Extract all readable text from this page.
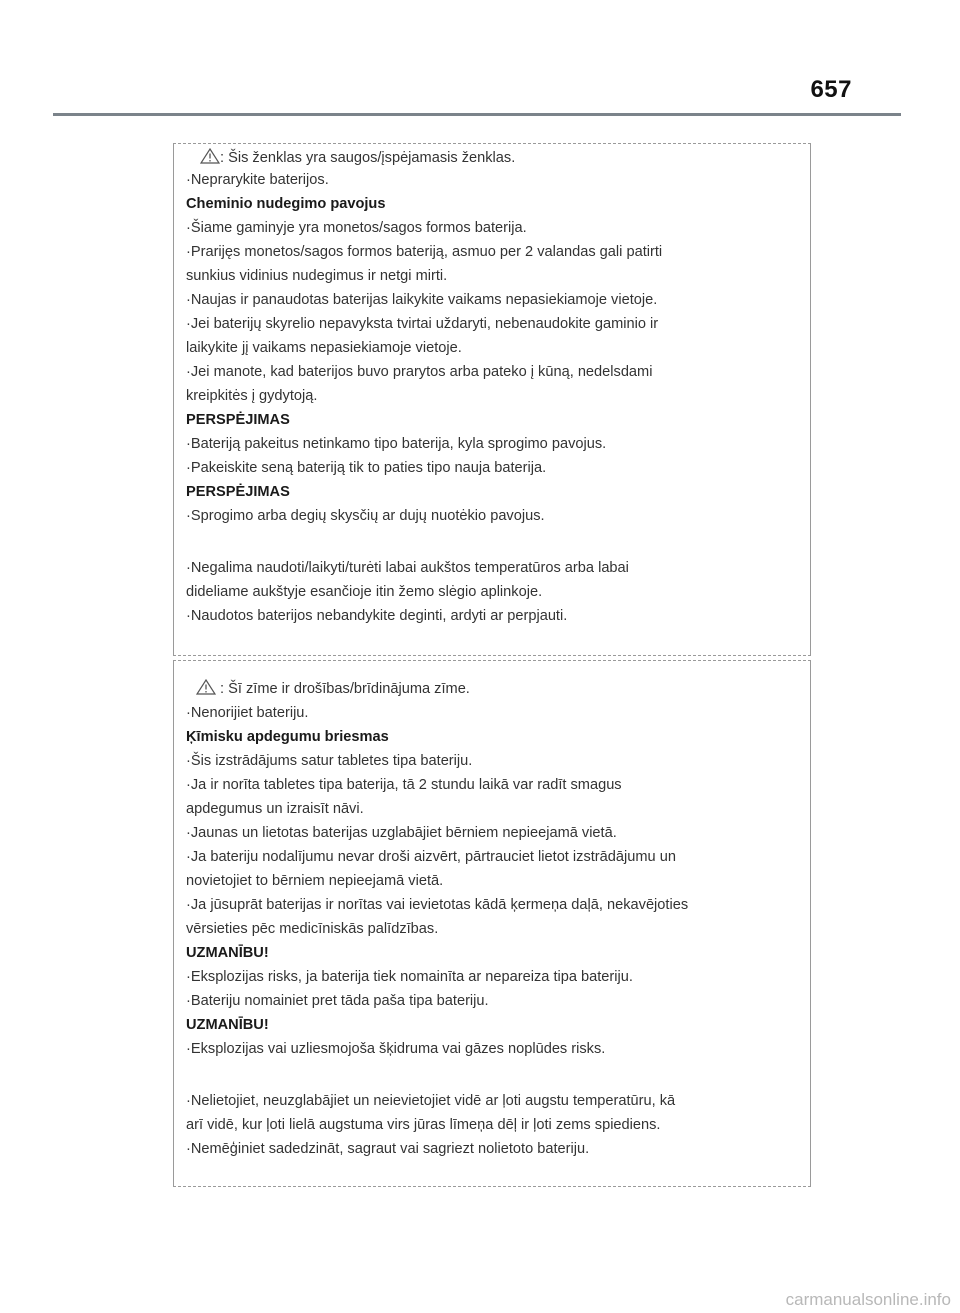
657
: Šis ženklas yra saugos/įspėjamasis ženklas.
·Neprarykite baterijos.
Cheminio nudegimo pavojus
·Šiame gaminyje yra monetos/sagos formos baterija.
·Prarijęs monetos/sagos formos bateriją, asmuo per 2 valandas gali patirti
sunkius vidinius nudegimus ir netgi mirti.
·Naujas ir panaudotas baterijas laikykite vaikams nepasiekiamoje vietoje.
·Jei baterijų skyrelio nepavyksta tvirtai uždaryti, nebenaudokite gaminio ir
laikykite jį vaikams nepasiekiamoje vietoje.
·Jei manote, kad baterijos buvo prarytos arba pateko į kūną, nedelsdami
kreipkitės į gydytoją.
PERSPĖJIMAS
·Bateriją pakeitus netinkamo tipo baterija, kyla sprogimo pavojus.
·Pakeiskite seną bateriją tik to paties tipo nauja baterija.
PERSPĖJIMAS
·Sprogimo arba degių skysčių ar dujų nuotėkio pavojus.
·Negalima naudoti/laikyti/turėti labai aukštos temperatūros arba labai
dideliame aukštyje esančioje itin žemo slėgio aplinkoje.
·Naudotos baterijos nebandykite deginti, ardyti ar perpjauti.
: Šī zīme ir drošības/brīdinājuma zīme.
·Nenorijiet bateriju.
Ķīmisku apdegumu briesmas
·Šis izstrādājums satur tabletes tipa bateriju.
·Ja ir norīta tabletes tipa baterija, tā 2 stundu laikā var radīt smagus
apdegumus un izraisīt nāvi.
·Jaunas un lietotas baterijas uzglabājiet bērniem nepieejamā vietā.
·Ja bateriju nodalījumu nevar droši aizvērt, pārtrauciet lietot izstrādājumu un
novietojiet to bērniem nepieejamā vietā.
·Ja jūsuprāt baterijas ir norītas vai ievietotas kādā ķermeņa daļā, nekavējoties
vērsieties pēc medicīniskās palīdzības.
UZMANĪBU!
·Eksplozijas risks, ja baterija tiek nomainīta ar nepareiza tipa bateriju.
·Bateriju nomainiet pret tāda paša tipa bateriju.
UZMANĪBU!
·Eksplozijas vai uzliesmojoša šķidruma vai gāzes noplūdes risks.
·Nelietojiet, neuzglabājiet un neievietojiet vidē ar ļoti augstu temperatūru, kā
arī vidē, kur ļoti lielā augstuma virs jūras līmeņa dēļ ir ļoti zems spiediens.
·Nemēģiniet sadedzināt, sagraut vai sagriezt nolietoto bateriju.
carmanualsonline.info
